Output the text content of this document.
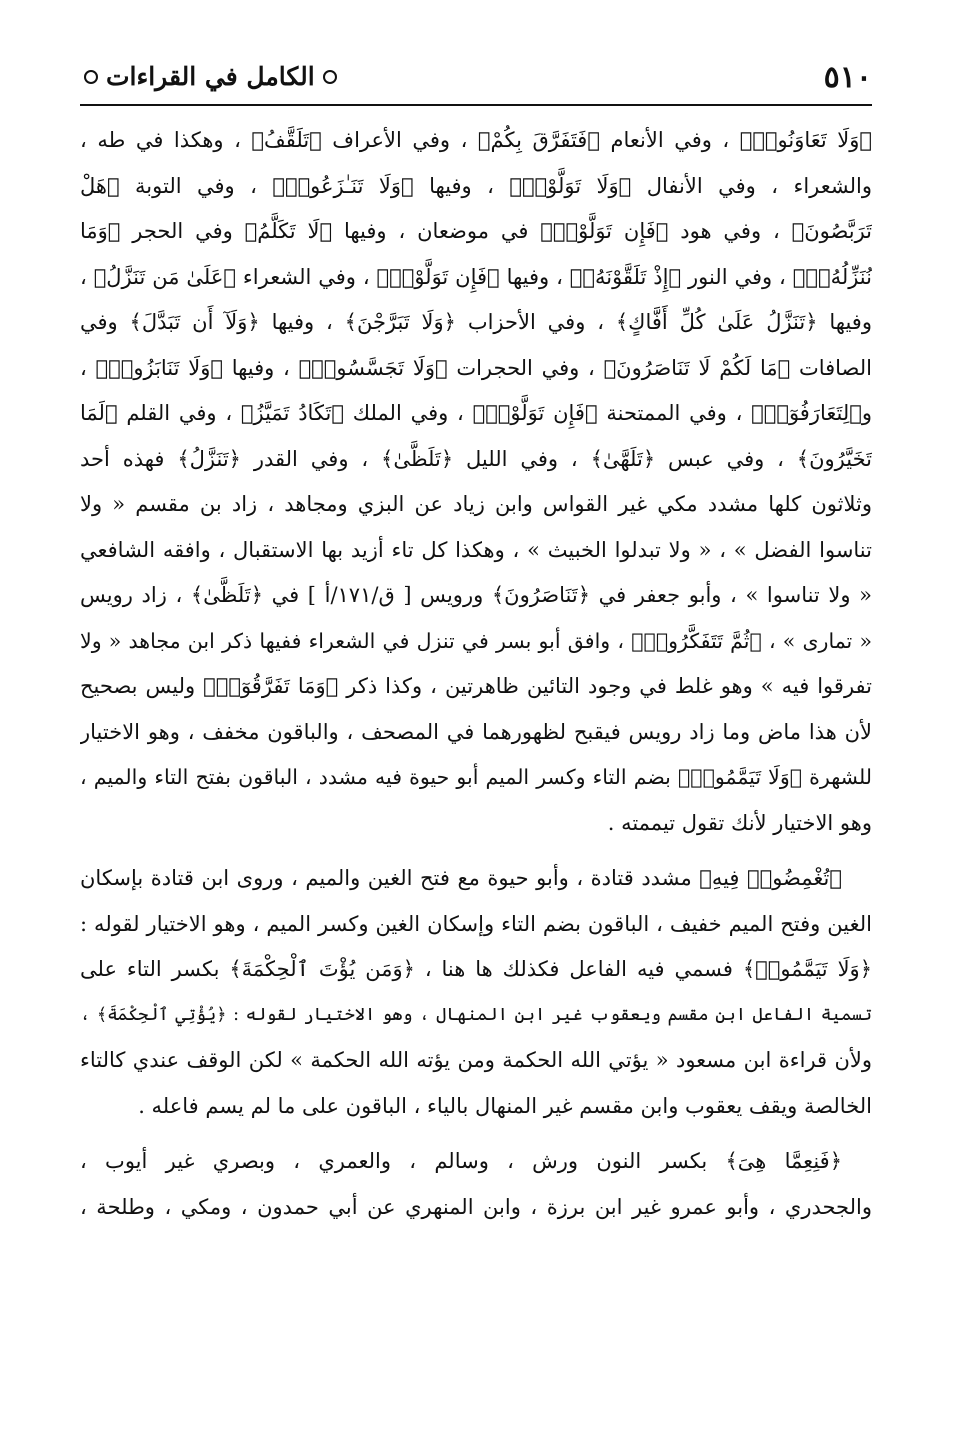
٥١٠
الكامل في القراءات
﴿وَلَا تَعَاوَنُوا۟﴾ ، وفي الأنعام ﴿فَتَفَرَّقَ بِكُمْ﴾ ، وفي الأعراف ﴿تَلَقَّفُ﴾ ، وهكذا في طه ،
والشعراء ، وفي الأنفال ﴿وَلَا تَوَلَّوْا۟﴾ ، وفيها ﴿وَلَا تَنَـٰزَعُوا۟﴾ ، وفي التوبة ﴿هَلْ
تَرَبَّصُونَ﴾ ، وفي هود ﴿فَإِن تَوَلَّوْا۟﴾ في موضعان ، وفيها ﴿لَا تَكَلَّمُ﴾ وفي الحجر ﴿وَمَا
نُنَزِّلُهُۥٓ﴾ ، وفي النور ﴿إِذْ تَلَقَّوْنَهُۥ﴾ ، وفيها ﴿فَإِن تَوَلَّوْا۟﴾ ، وفي الشعراء ﴿عَلَىٰ مَن تَنَزَّلُ﴾ ،
وفيها ﴿تَنَزَّلُ عَلَىٰ كُلِّ أَفَّاكٍ﴾ ، وفي الأحزاب ﴿وَلَا تَبَرَّجْنَ﴾ ، وفيها ﴿وَلَآ أَن تَبَدَّلَ﴾ وفي
الصافات ﴿مَا لَكُمْ لَا تَنَاصَرُونَ﴾ ، وفي الحجرات ﴿وَلَا تَجَسَّسُوا۟﴾ ، وفيها ﴿وَلَا تَنَابَزُوا۟﴾ ،
و﴿لِتَعَارَفُوٓا۟﴾ ، وفي الممتحنة ﴿فَإِن تَوَلَّوْا۟﴾ ، وفي الملك ﴿تَكَادُ تَمَيَّزُ﴾ ، وفي القلم ﴿لَمَا
تَخَيَّرُونَ﴾ ، وفي عبس ﴿تَلَهَّىٰ﴾ ، وفي الليل ﴿تَلَظَّىٰ﴾ ، وفي القدر ﴿تَنَزَّلُ﴾ فهذه أحد
وثلاثون كلها مشدد مكي غير القواس وابن زياد عن البزي ومجاهد ، زاد بن مقسم « ولا
تناسوا الفضل » ، « ولا تبدلوا الخبيث » ، وهكذا كل تاء أزيد بها الاستقبال ، وافقه الشافعي
« ولا تناسوا » ، وأبو جعفر في ﴿تَنَاصَرُونَ﴾ ورويس [ ق/١٧١/أ ] في ﴿تَلَظَّىٰ﴾ ، زاد رويس
« تمارى » ، ﴿ثُمَّ تَتَفَكَّرُوا۟﴾ ، وافق أبو بسر في تنزل في الشعراء ففيها ذكر ابن مجاهد « ولا
تفرقوا فيه » وهو غلط في وجود التائين ظاهرتين ، وكذا ذكر ﴿وَمَا تَفَرَّقُوٓا۟﴾ وليس بصحيح
لأن هذا ماض وما زاد رويس فيقبح لظهورهما في المصحف ، والباقون مخفف ، وهو الاختيار
للشهرة ﴿وَلَا تَيَمَّمُوا۟﴾ بضم التاء وكسر الميم أبو حيوة فيه مشدد ، الباقون بفتح التاء والميم ،
وهو الاختيار لأنك تقول تيممته .
﴿تُغْمِضُوا۟ فِيهِ﴾ مشدد قتادة ، وأبو حيوة مع فتح الغين والميم ، وروى ابن قتادة بإسكان
الغين وفتح الميم خفيف ، الباقون بضم التاء وإسكان الغين وكسر الميم ، وهو الاختيار لقوله :
﴿وَلَا تَيَمَّمُوا۟﴾ فسمي فيه الفاعل فكذلك ها هنا ، ﴿وَمَن يُؤْتَ ٱلْحِكْمَةَ﴾ بكسر التاء على
تسمية الفاعل ابن مقسم ويعقوب غير ابن المنهال ، وهو الاختيار لقوله : ﴿يُؤْتِي ٱلْحِكْمَةَ﴾ ،
ولأن قراءة ابن مسعود « يؤتي الله الحكمة ومن يؤته الله الحكمة » لكن الوقف عندي كالتاء
الخالصة ويقف يعقوب وابن مقسم غير المنهال بالياء ، الباقون على ما لم يسم فاعله .
﴿فَنِعِمَّا هِىَ﴾ بكسر النون ورش ، وسالم ، والعمري ، وبصري غير أيوب ،
والجحدري ، وأبو عمرو غير ابن برزة ، وابن المنهري عن أبي حمدون ، ومكي ، وطلحة ،
